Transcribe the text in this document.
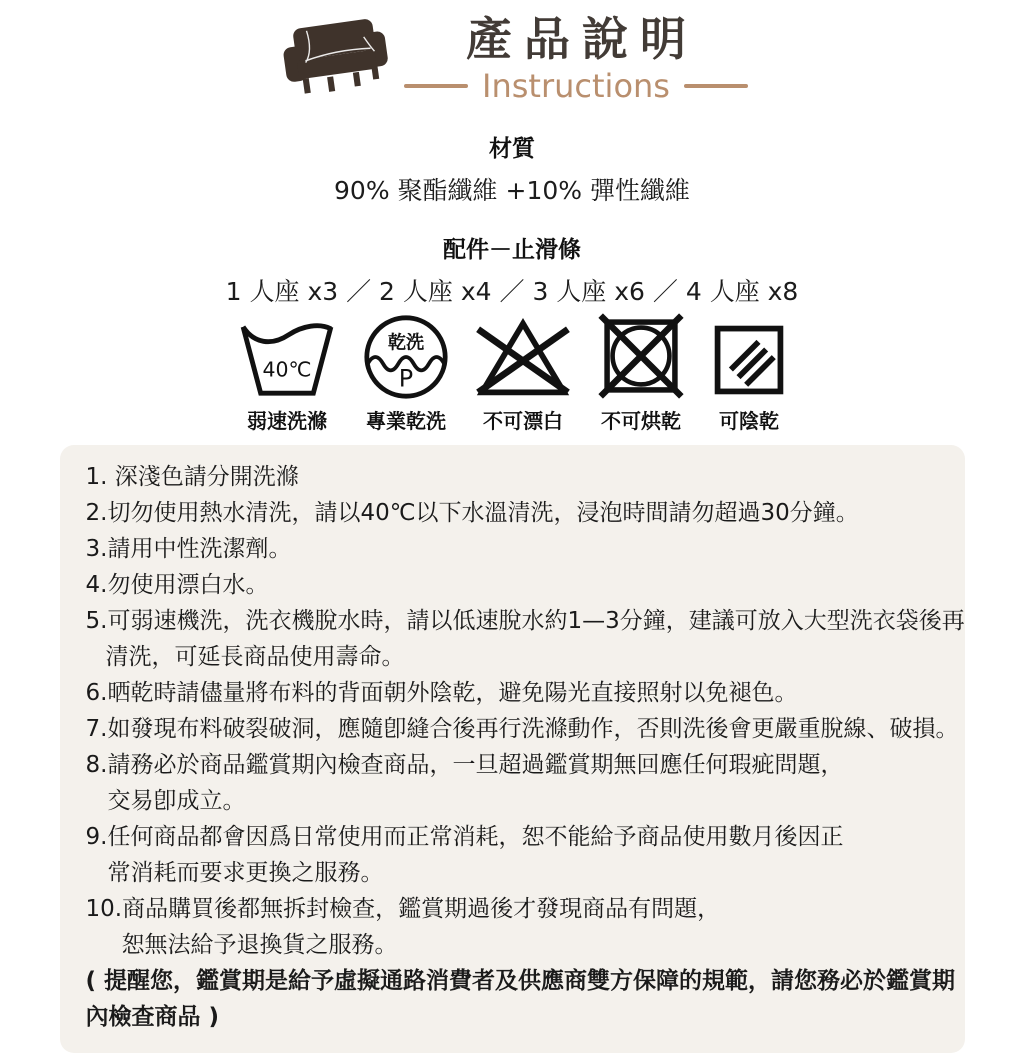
產品說明
Instructions
材質
90% 聚酯纖維 +10% 彈性纖維
配件－止滑條
1 人座 x3 ／ 2 人座 x4 ／ 3 人座 x6 ／ 4 人座 x8
40℃
弱速洗滌
乾洗
P
專業乾洗 不可漂白 不可烘乾 可陰乾
1. 深淺色請分開洗滌
2.切勿使用熱水清洗，請以40℃以下水溫清洗，浸泡時間請勿超過30分鐘。
3.請用中性洗潔劑。
4.勿使用漂白水。
5.可弱速機洗，洗衣機脫水時，請以低速脫水約1—3分鐘，建議可放入大型洗衣袋後再
清洗，可延長商品使用壽命。
6.晒乾時請儘量將布料的背面朝外陰乾，避免陽光直接照射以免褪色。
7.如發現布料破裂破洞，應隨卽縫合後再行洗滌動作，否則洗後會更嚴重脫線、破損。
8.請務必於商品鑑賞期內檢查商品，一旦超過鑑賞期無回應任何瑕疵問題，
交易卽成立。
9.任何商品都會因爲日常使用而正常消耗，恕不能給予商品使用數月後因正
常消耗而要求更換之服務。
10.商品購買後都無拆封檢查，鑑賞期過後才發現商品有問題，
恕無法給予退換貨之服務。
( 提醒您，鑑賞期是給予虛擬通路消費者及供應商雙方保障的規範，請您務必於鑑賞期
內檢查商品 )
